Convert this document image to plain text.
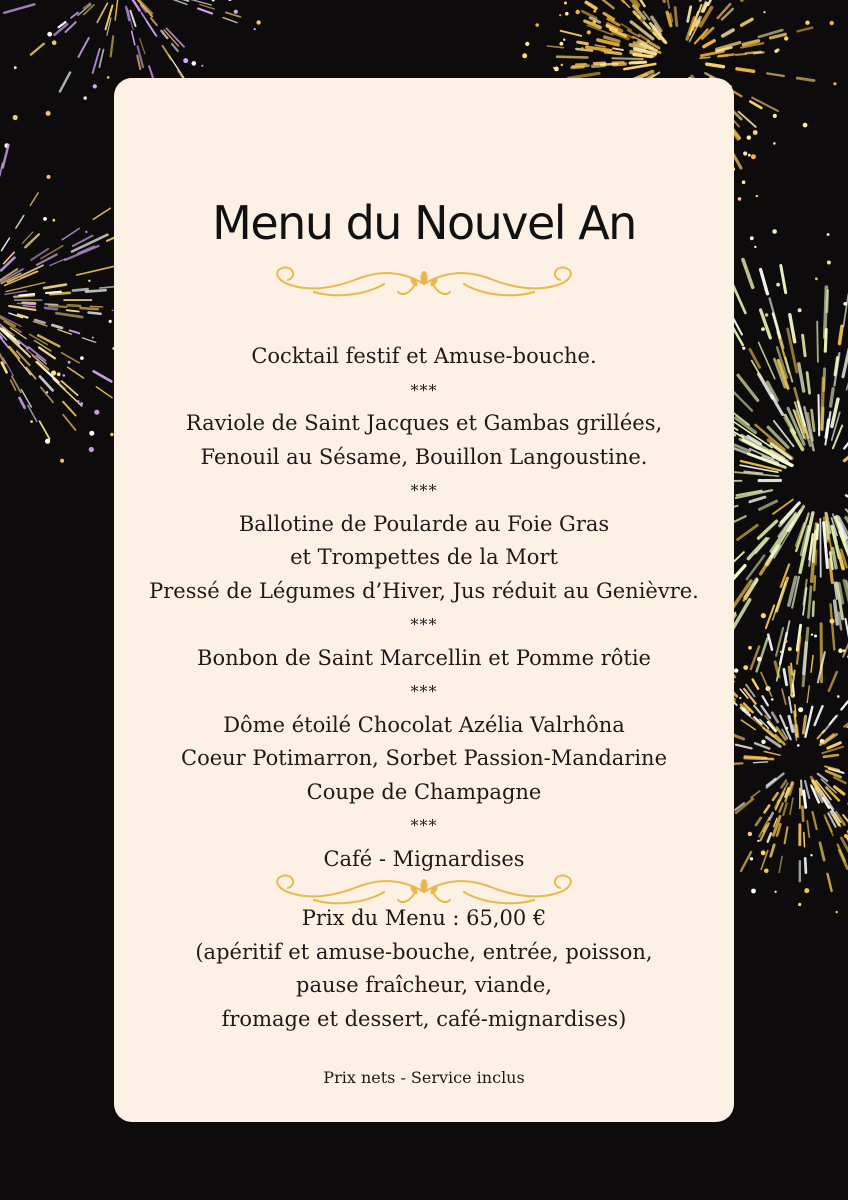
Menu du Nouvel An
Cocktail festif et Amuse-bouche.
***
Raviole de Saint Jacques et Gambas grillées,
Fenouil au Sésame, Bouillon Langoustine.
***
Ballotine de Poularde au Foie Gras
et Trompettes de la Mort
Pressé de Légumes d’Hiver, Jus réduit au Genièvre.
***
Bonbon de Saint Marcellin et Pomme rôtie
***
Dôme étoilé Chocolat Azélia Valrhôna
Coeur Potimarron, Sorbet Passion-Mandarine
Coupe de Champagne
***
Café - Mignardises
Prix du Menu : 65,00 €
(apéritif et amuse-bouche, entrée, poisson,
pause fraîcheur, viande,
fromage et dessert, café-mignardises)
Prix nets - Service inclus
